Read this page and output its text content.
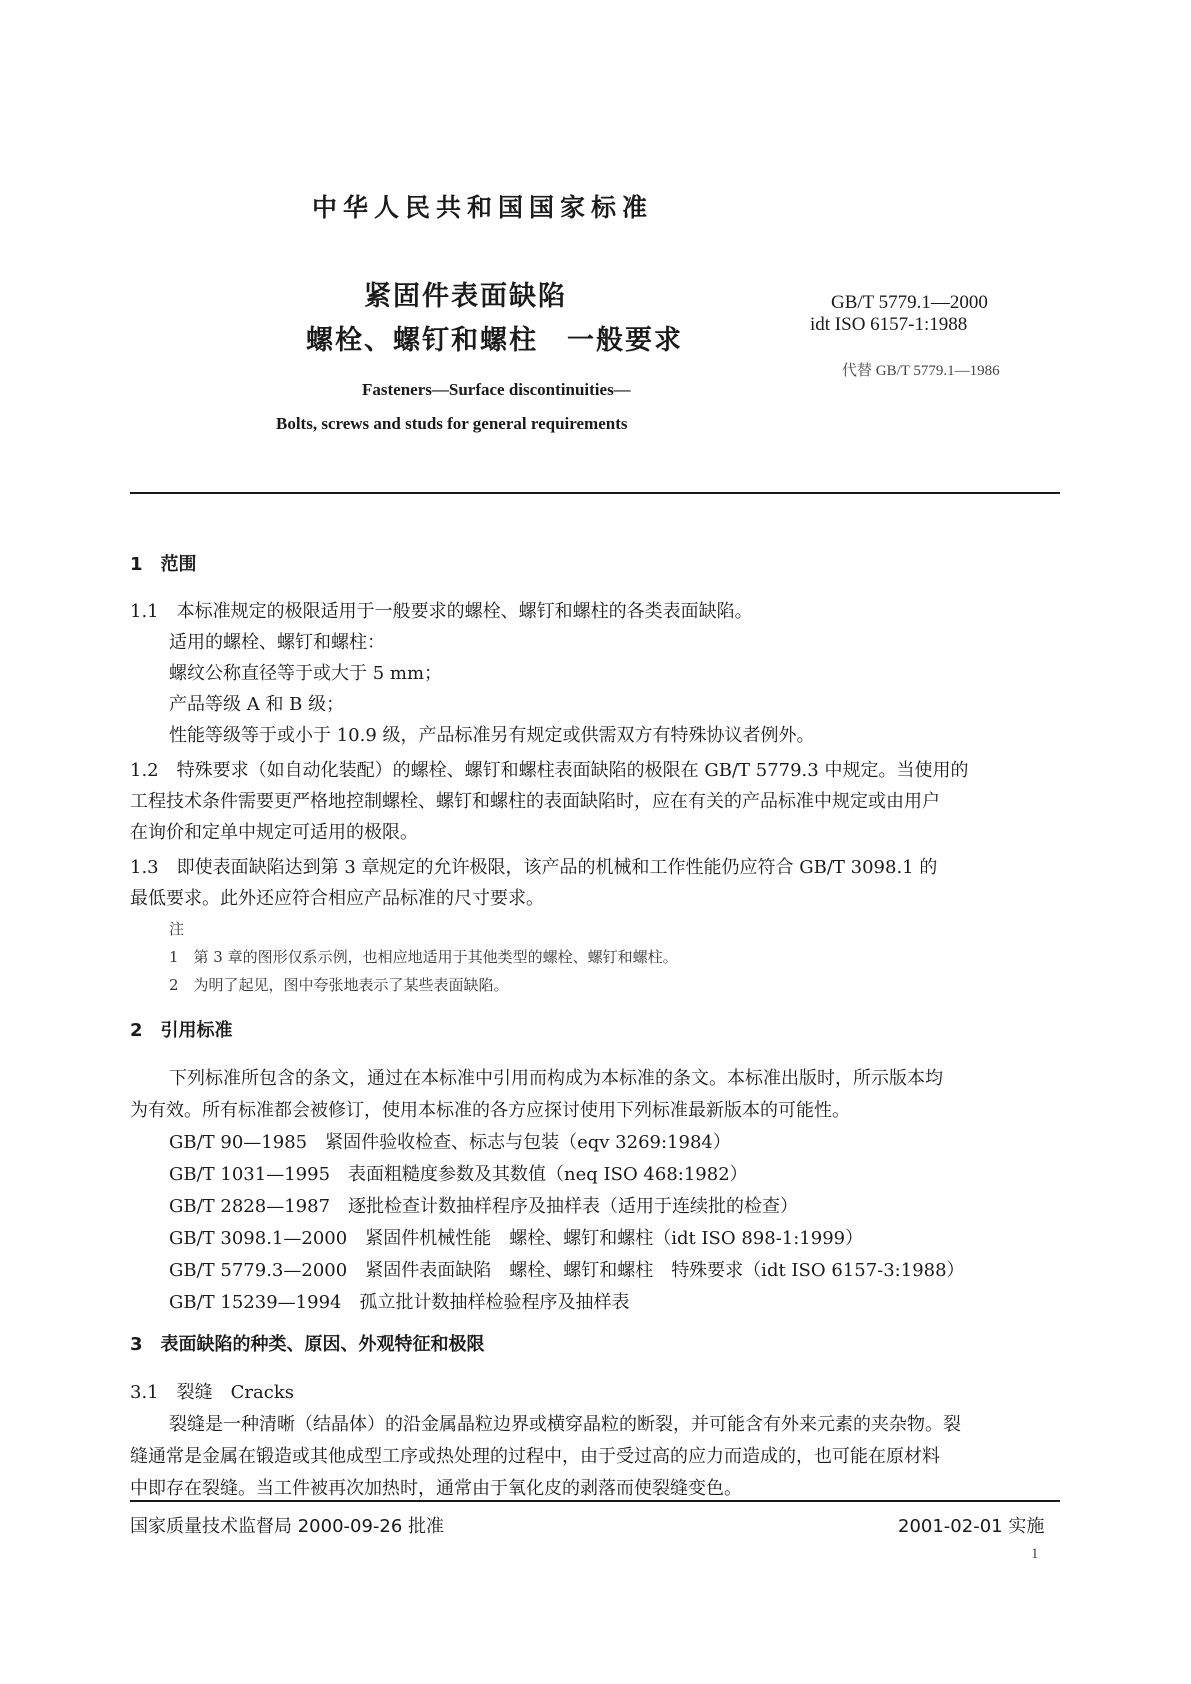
中华人民共和国国家标准
紧固件表面缺陷
螺栓、螺钉和螺柱　一般要求
GB/T 5779.1—2000
idt ISO 6157-1:1988
代替 GB/T 5779.1—1986
Fasteners—Surface discontinuities—
Bolts, screws and studs for general requirements
1　范围
1.1　本标准规定的极限适用于一般要求的螺栓、螺钉和螺柱的各类表面缺陷。
适用的螺栓、螺钉和螺柱：
螺纹公称直径等于或大于 5 mm；
产品等级 A 和 B 级；
性能等级等于或小于 10.9 级，产品标准另有规定或供需双方有特殊协议者例外。
1.2　特殊要求（如自动化装配）的螺栓、螺钉和螺柱表面缺陷的极限在 GB/T 5779.3 中规定。当使用的
工程技术条件需要更严格地控制螺栓、螺钉和螺柱的表面缺陷时，应在有关的产品标准中规定或由用户
在询价和定单中规定可适用的极限。
1.3　即使表面缺陷达到第 3 章规定的允许极限，该产品的机械和工作性能仍应符合 GB/T 3098.1 的
最低要求。此外还应符合相应产品标准的尺寸要求。
注
1　第 3 章的图形仅系示例，也相应地适用于其他类型的螺栓、螺钉和螺柱。
2　为明了起见，图中夸张地表示了某些表面缺陷。
2　引用标准
下列标准所包含的条文，通过在本标准中引用而构成为本标准的条文。本标准出版时，所示版本均
为有效。所有标准都会被修订，使用本标准的各方应探讨使用下列标准最新版本的可能性。
GB/T 90—1985　紧固件验收检查、标志与包装（eqv 3269:1984）
GB/T 1031—1995　表面粗糙度参数及其数值（neq ISO 468:1982）
GB/T 2828—1987　逐批检查计数抽样程序及抽样表（适用于连续批的检查）
GB/T 3098.1—2000　紧固件机械性能　螺栓、螺钉和螺柱（idt ISO 898-1:1999）
GB/T 5779.3—2000　紧固件表面缺陷　螺栓、螺钉和螺柱　特殊要求（idt ISO 6157-3:1988）
GB/T 15239—1994　孤立批计数抽样检验程序及抽样表
3　表面缺陷的种类、原因、外观特征和极限
3.1　裂缝　Cracks
裂缝是一种清晰（结晶体）的沿金属晶粒边界或横穿晶粒的断裂，并可能含有外来元素的夹杂物。裂
缝通常是金属在锻造或其他成型工序或热处理的过程中，由于受过高的应力而造成的，也可能在原材料
中即存在裂缝。当工件被再次加热时，通常由于氧化皮的剥落而使裂缝变色。
国家质量技术监督局 2000-09-26 批准	2001-02-01 实施
1
